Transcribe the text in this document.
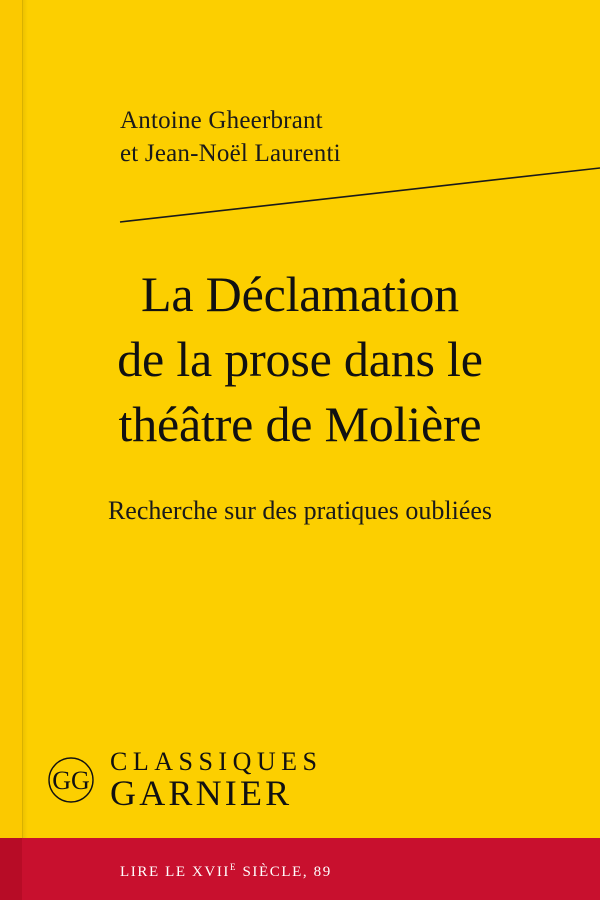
Antoine Gheerbrant
et Jean-Noël Laurenti
La Déclamation
de la prose dans le
théâtre de Molière
Recherche sur des pratiques oubliées
GG
CLASSIQUES
GARNIER
LIRE LE $XVII^E$ SIÈCLE, 89
